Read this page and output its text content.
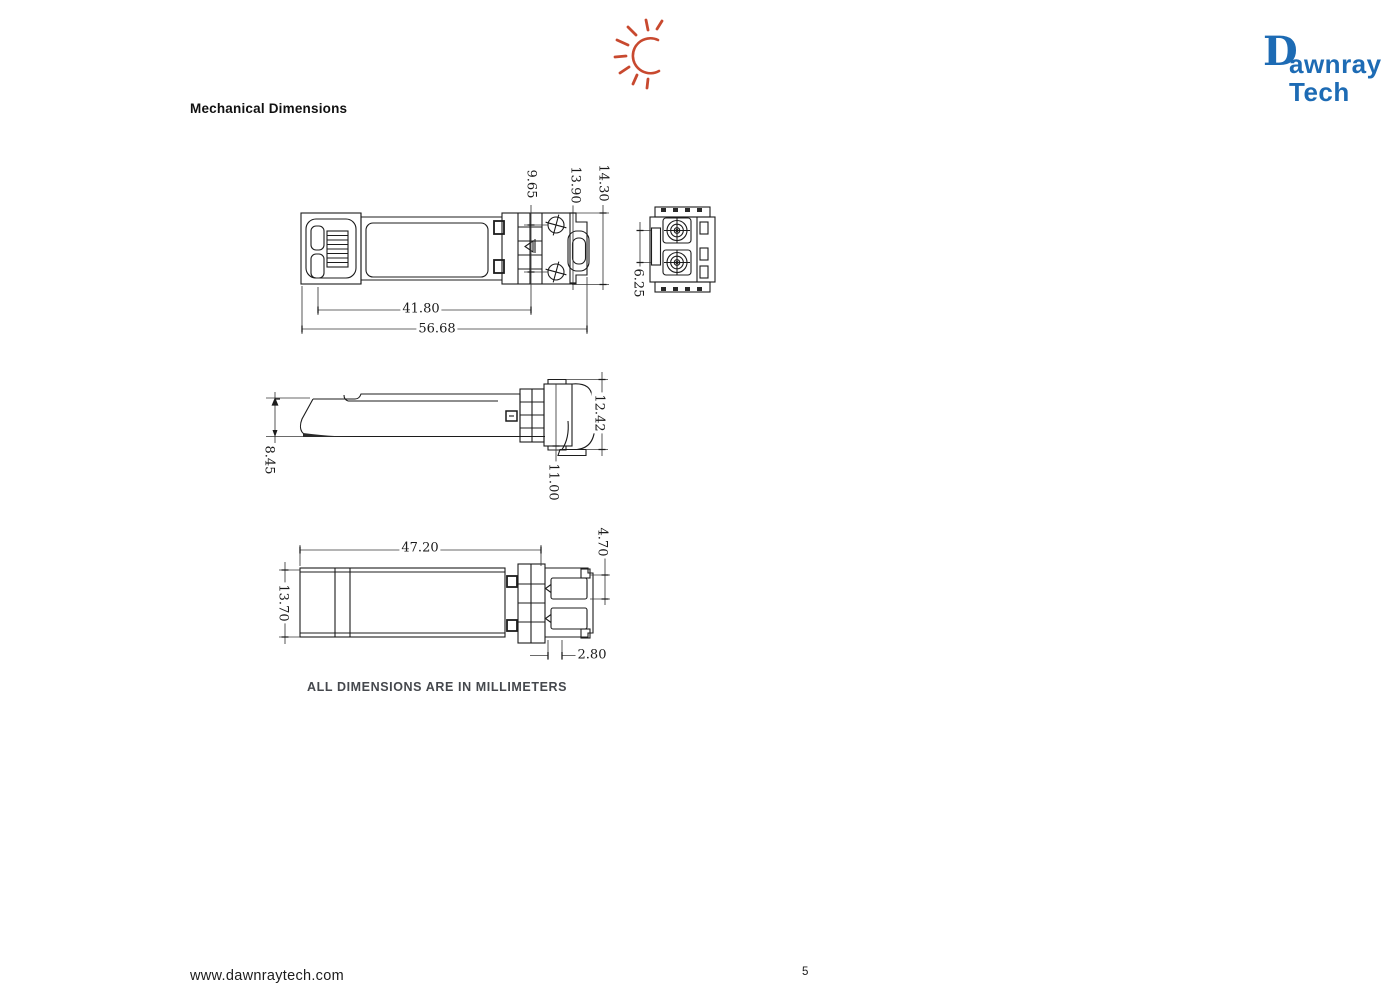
D
awnray Tech
Mechanical Dimensions
41.80
56.68
9.65 13.90 14.30
6.25
8.45
12.42
11.00
47.20
13.70
4.70
2.80
ALL DIMENSIONS ARE IN MILLIMETERS
www.dawnraytech.com	5
